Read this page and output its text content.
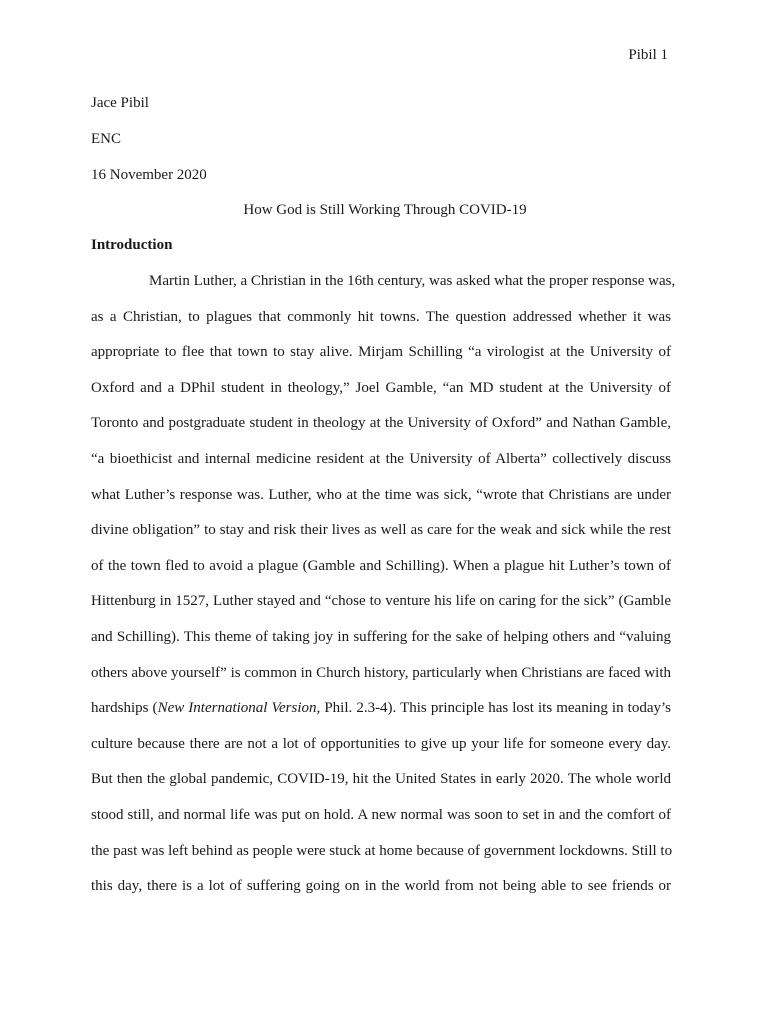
Pibil 1
Jace Pibil
ENC
16 November 2020
How God is Still Working Through COVID-19
Introduction
Martin Luther, a Christian in the 16th century, was asked what the proper response was,
as a Christian, to plagues that commonly hit towns. The question addressed whether it was
appropriate to flee that town to stay alive. Mirjam Schilling “a virologist at the University of
Oxford and a DPhil student in theology,” Joel Gamble, “an MD student at the University of
Toronto and postgraduate student in theology at the University of Oxford” and Nathan Gamble,
“a bioethicist and internal medicine resident at the University of Alberta” collectively discuss
what Luther’s response was. Luther, who at the time was sick, “wrote that Christians are under
divine obligation” to stay and risk their lives as well as care for the weak and sick while the rest
of the town fled to avoid a plague (Gamble and Schilling). When a plague hit Luther’s town of
Hittenburg in 1527, Luther stayed and “chose to venture his life on caring for the sick” (Gamble
and Schilling). This theme of taking joy in suffering for the sake of helping others and “valuing
others above yourself” is common in Church history, particularly when Christians are faced with
hardships (New International Version, Phil. 2.3-4). This principle has lost its meaning in today’s
culture because there are not a lot of opportunities to give up your life for someone every day.
But then the global pandemic, COVID-19, hit the United States in early 2020. The whole world
stood still, and normal life was put on hold. A new normal was soon to set in and the comfort of
the past was left behind as people were stuck at home because of government lockdowns. Still to
this day, there is a lot of suffering going on in the world from not being able to see friends or
